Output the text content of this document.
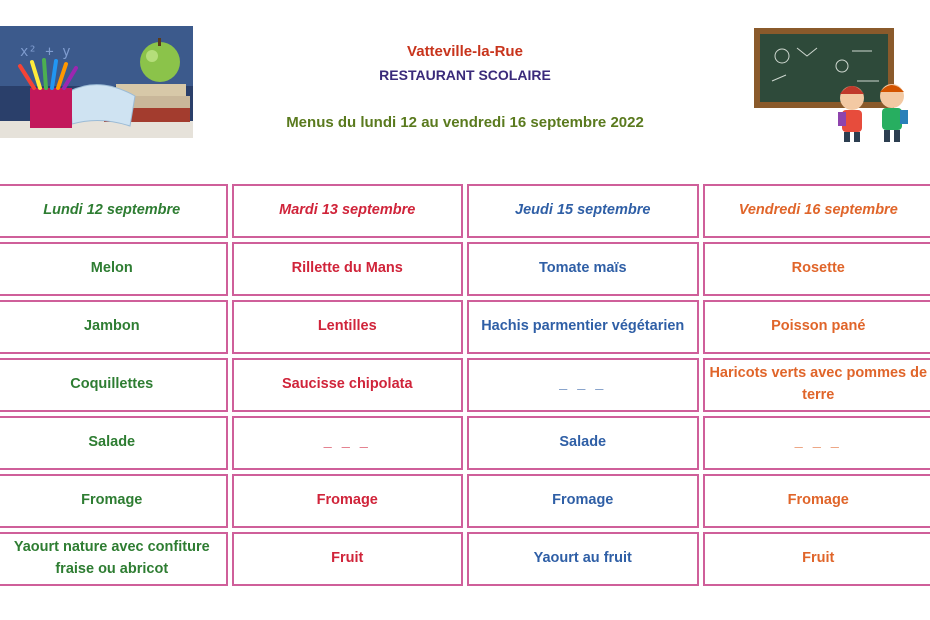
x² + y	Vatteville-la-Rue
RESTAURANT SCOLAIRE
Menus du lundi 12 au vendredi 16 septembre 2022
Lundi 12 septembre	Mardi 13 septembre	Jeudi 15 septembre	Vendredi 16 septembre
Melon	Rillette du Mans	Tomate maïs	Rosette
Jambon	Lentilles	Hachis parmentier végétarien	Poisson pané
Coquillettes	Saucisse chipolata	_ _ _	Haricots verts avec pommes de terre
Salade	_ _ _	Salade	_ _ _
Fromage	Fromage	Fromage	Fromage
Yaourt nature avec confiture fraise ou abricot	Fruit	Yaourt au fruit	Fruit
